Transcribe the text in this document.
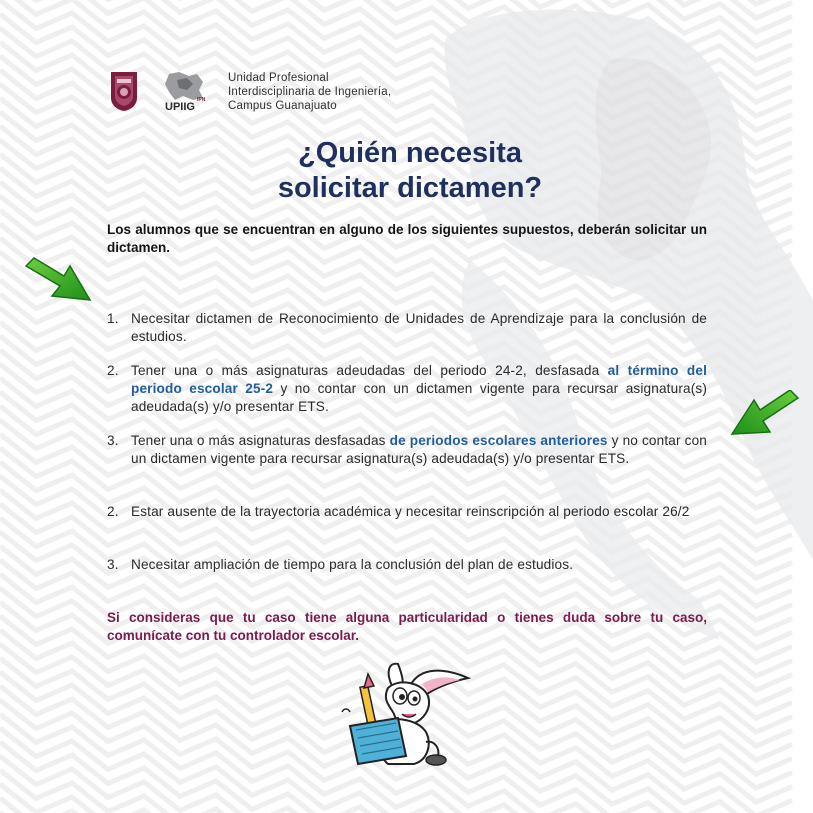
UPIIG
IPN
Unidad Profesional
Interdisciplinaria de Ingeniería,
Campus Guanajuato
¿Quién necesita
solicitar dictamen?
Los alumnos que se encuentran en alguno de los siguientes supuestos, deberán solicitar un dictamen.
1. Necesitar dictamen de Reconocimiento de Unidades de Aprendizaje para la conclusión de estudios.
2. Tener una o más asignaturas adeudadas del periodo 24-2, desfasada al término del periodo escolar 25-2 y no contar con un dictamen vigente para recursar asignatura(s) adeudada(s) y/o presentar ETS.
3. Tener una o más asignaturas desfasadas de periodos escolares anteriores y no contar con un dictamen vigente para recursar asignatura(s) adeudada(s) y/o presentar ETS.
2. Estar ausente de la trayectoria académica y necesitar reinscripción al periodo escolar 26/2
3. Necesitar ampliación de tiempo para la conclusión del plan de estudios.
Si consideras que tu caso tiene alguna particularidad o tienes duda sobre tu caso, comunícate con tu controlador escolar.
